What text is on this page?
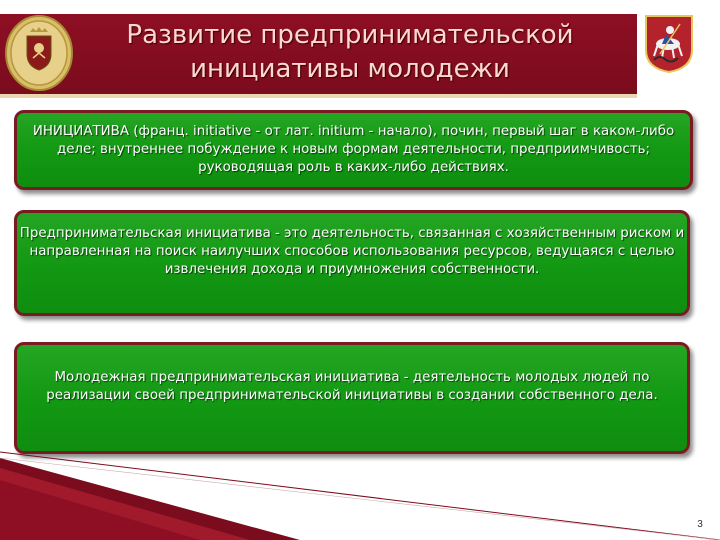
Развитие предпринимательской
инициативы молодежи

ИНИЦИАТИВА (франц. initiative - от лат. initium - начало), почин, первый шаг в каком-либо деле; внутреннее побуждение к новым формам деятельности, предприимчивость; руководящая роль в каких-либо действиях.

Предпринимательская инициатива - это деятельность, связанная с хозяйственным риском и направленная на поиск наилучших способов использования ресурсов, ведущаяся с целью извлечения дохода и приумножения собственности.

Молодежная предпринимательская инициатива - деятельность молодых людей по реализации своей предпринимательской инициативы в создании собственного дела.

3
